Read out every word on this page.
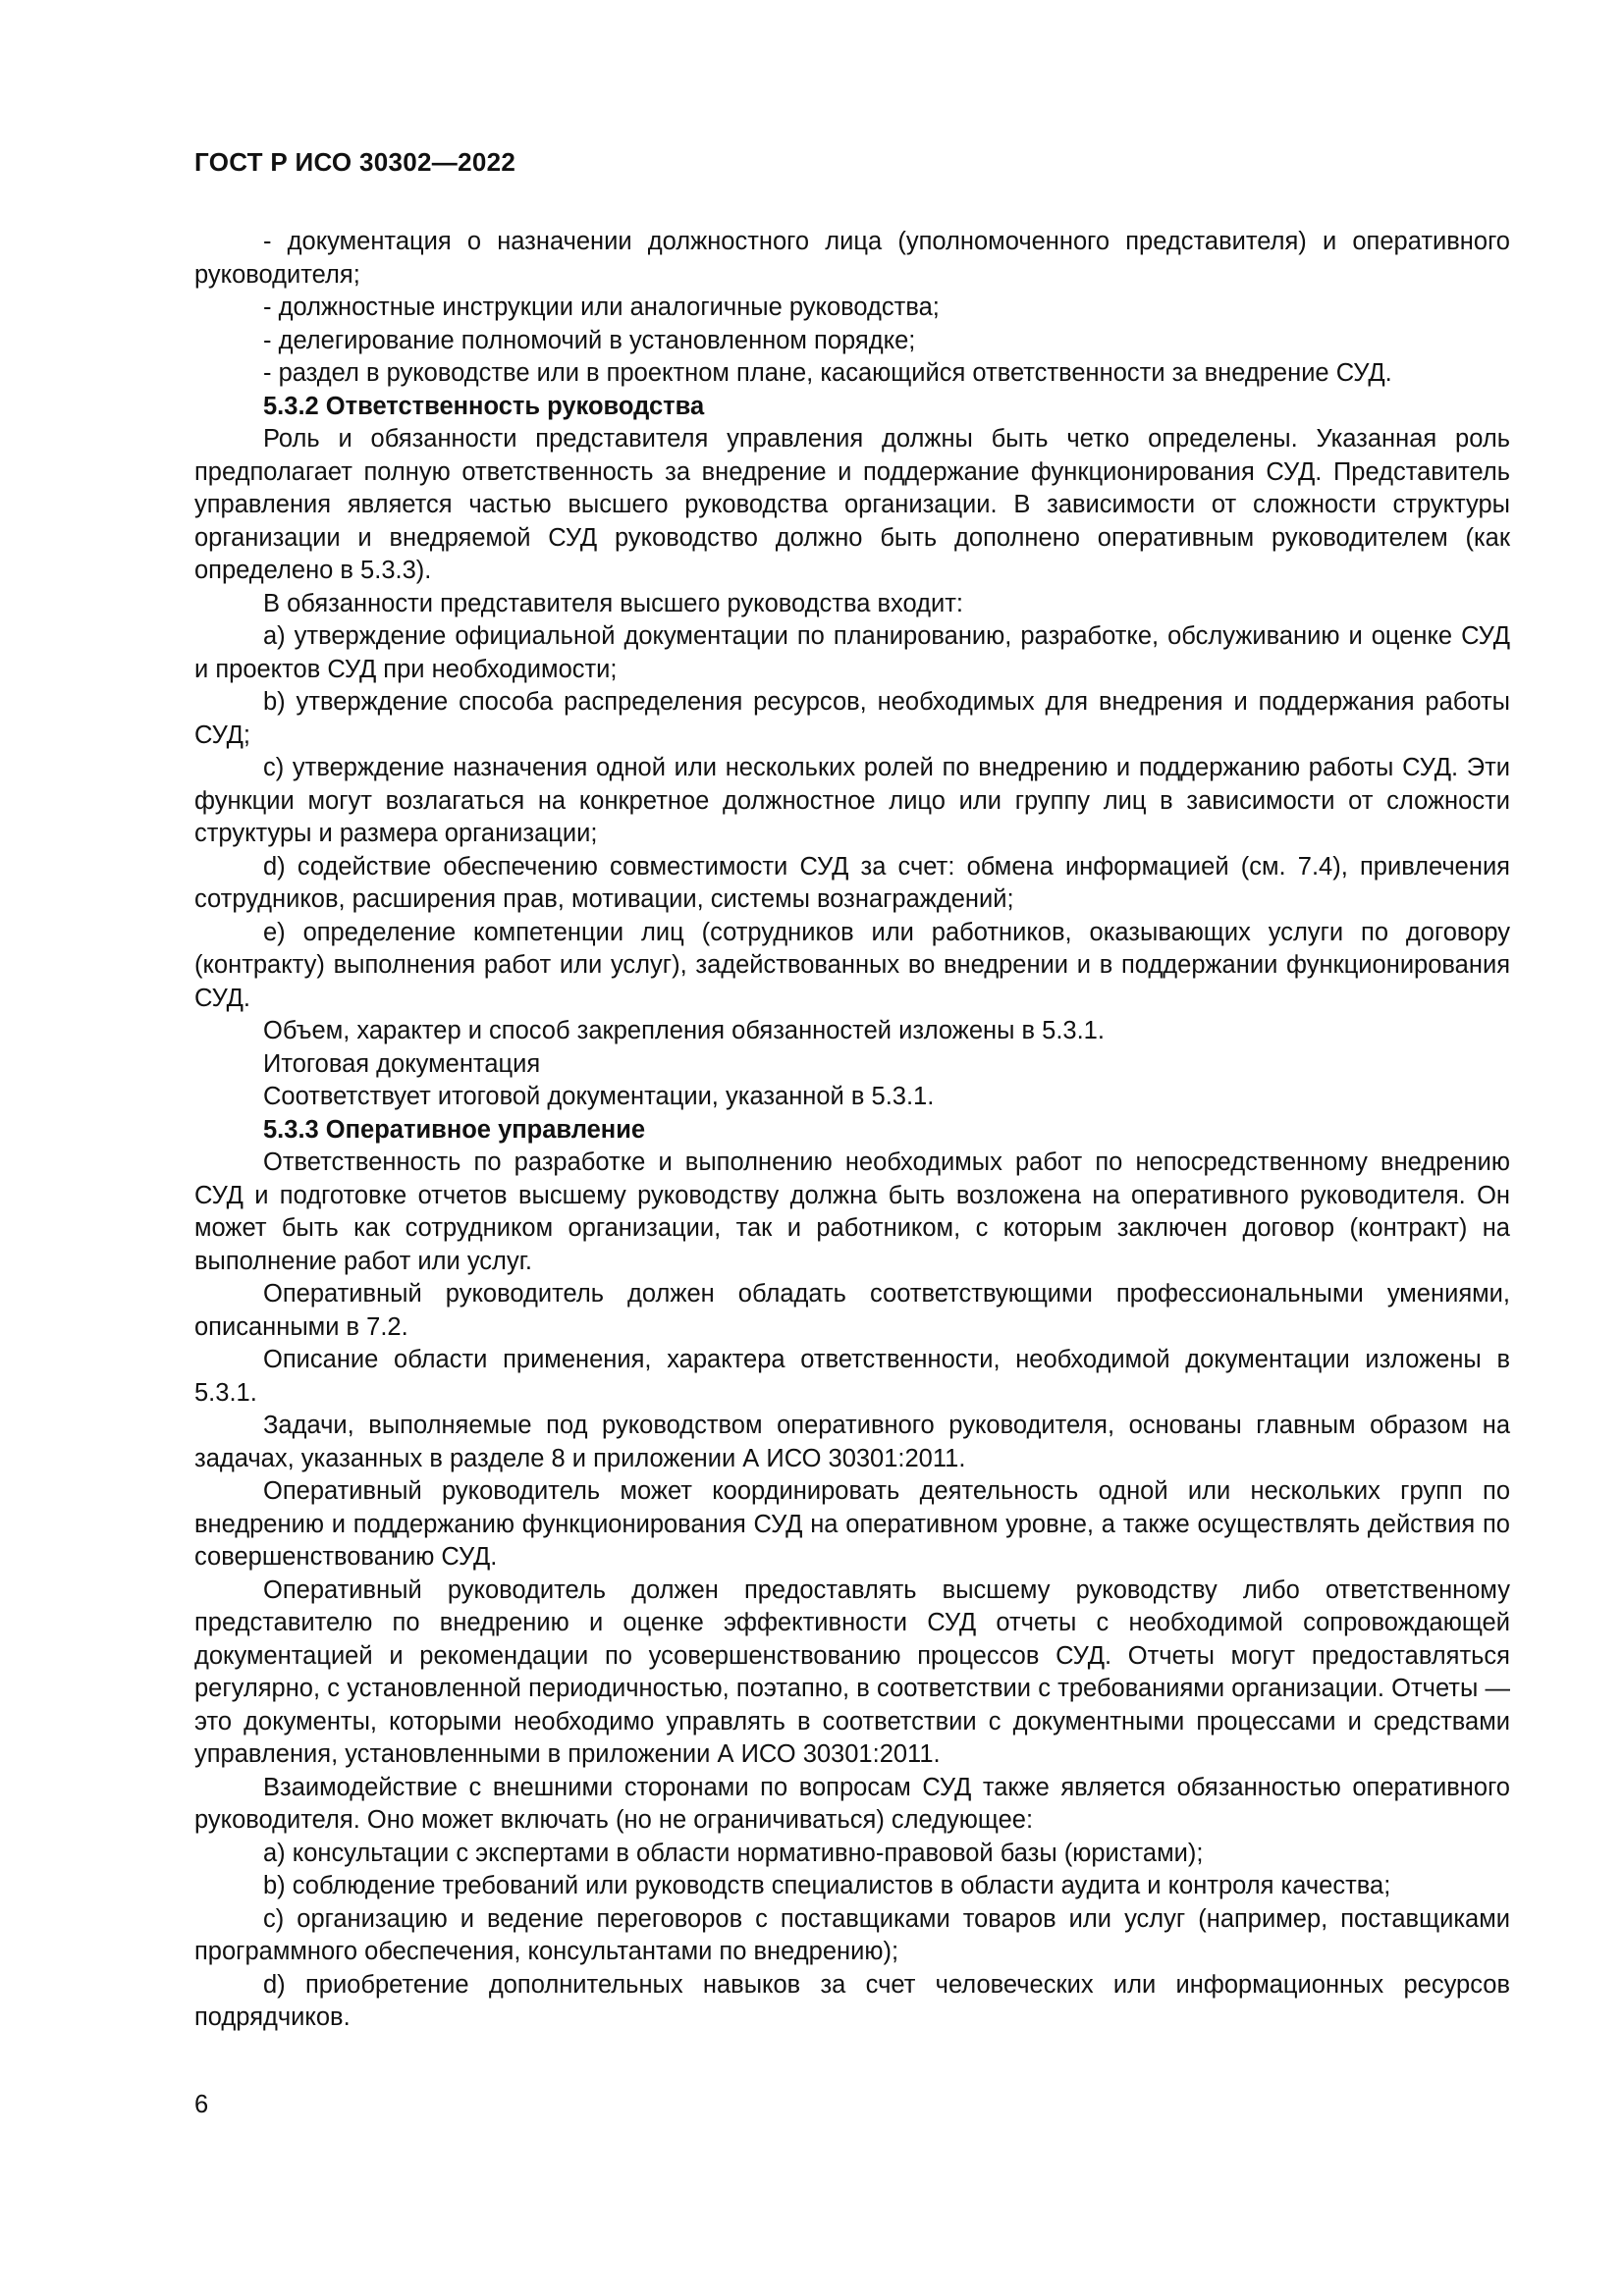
ГОСТ Р ИСО 30302—2022

- документация о назначении должностного лица (уполномоченного представителя) и оперативного руководителя;

- должностные инструкции или аналогичные руководства;

- делегирование полномочий в установленном порядке;

- раздел в руководстве или в проектном плане, касающийся ответственности за внедрение СУД.

5.3.2 Ответственность руководства

Роль и обязанности представителя управления должны быть четко определены. Указанная роль предполагает полную ответственность за внедрение и поддержание функционирования СУД. Представитель управления является частью высшего руководства организации. В зависимости от сложности структуры организации и внедряемой СУД руководство должно быть дополнено оперативным руководителем (как определено в 5.3.3).

В обязанности представителя высшего руководства входит:

a) утверждение официальной документации по планированию, разработке, обслуживанию и оценке СУД и проектов СУД при необходимости;

b) утверждение способа распределения ресурсов, необходимых для внедрения и поддержания работы СУД;

c) утверждение назначения одной или нескольких ролей по внедрению и поддержанию работы СУД. Эти функции могут возлагаться на конкретное должностное лицо или группу лиц в зависимости от сложности структуры и размера организации;

d) содействие обеспечению совместимости СУД за счет: обмена информацией (см. 7.4), привлечения сотрудников, расширения прав, мотивации, системы вознаграждений;

e) определение компетенции лиц (сотрудников или работников, оказывающих услуги по договору (контракту) выполнения работ или услуг), задействованных во внедрении и в поддержании функционирования СУД.

Объем, характер и способ закрепления обязанностей изложены в 5.3.1.

Итоговая документация

Соответствует итоговой документации, указанной в 5.3.1.

5.3.3 Оперативное управление

Ответственность по разработке и выполнению необходимых работ по непосредственному внедрению СУД и подготовке отчетов высшему руководству должна быть возложена на оперативного руководителя. Он может быть как сотрудником организации, так и работником, с которым заключен договор (контракт) на выполнение работ или услуг.

Оперативный руководитель должен обладать соответствующими профессиональными умениями, описанными в 7.2.

Описание области применения, характера ответственности, необходимой документации изложены в 5.3.1.

Задачи, выполняемые под руководством оперативного руководителя, основаны главным образом на задачах, указанных в разделе 8 и приложении А ИСО 30301:2011.

Оперативный руководитель может координировать деятельность одной или нескольких групп по внедрению и поддержанию функционирования СУД на оперативном уровне, а также осуществлять действия по совершенствованию СУД.

Оперативный руководитель должен предоставлять высшему руководству либо ответственному представителю по внедрению и оценке эффективности СУД отчеты с необходимой сопровождающей документацией и рекомендации по усовершенствованию процессов СУД. Отчеты могут предоставляться регулярно, с установленной периодичностью, поэтапно, в соответствии с требованиями организации. Отчеты — это документы, которыми необходимо управлять в соответствии с документными процессами и средствами управления, установленными в приложении А ИСО 30301:2011.

Взаимодействие с внешними сторонами по вопросам СУД также является обязанностью оперативного руководителя. Оно может включать (но не ограничиваться) следующее:

a) консультации с экспертами в области нормативно-правовой базы (юристами);

b) соблюдение требований или руководств специалистов в области аудита и контроля качества;

c) организацию и ведение переговоров с поставщиками товаров или услуг (например, поставщиками программного обеспечения, консультантами по внедрению);

d) приобретение дополнительных навыков за счет человеческих или информационных ресурсов подрядчиков.

6
